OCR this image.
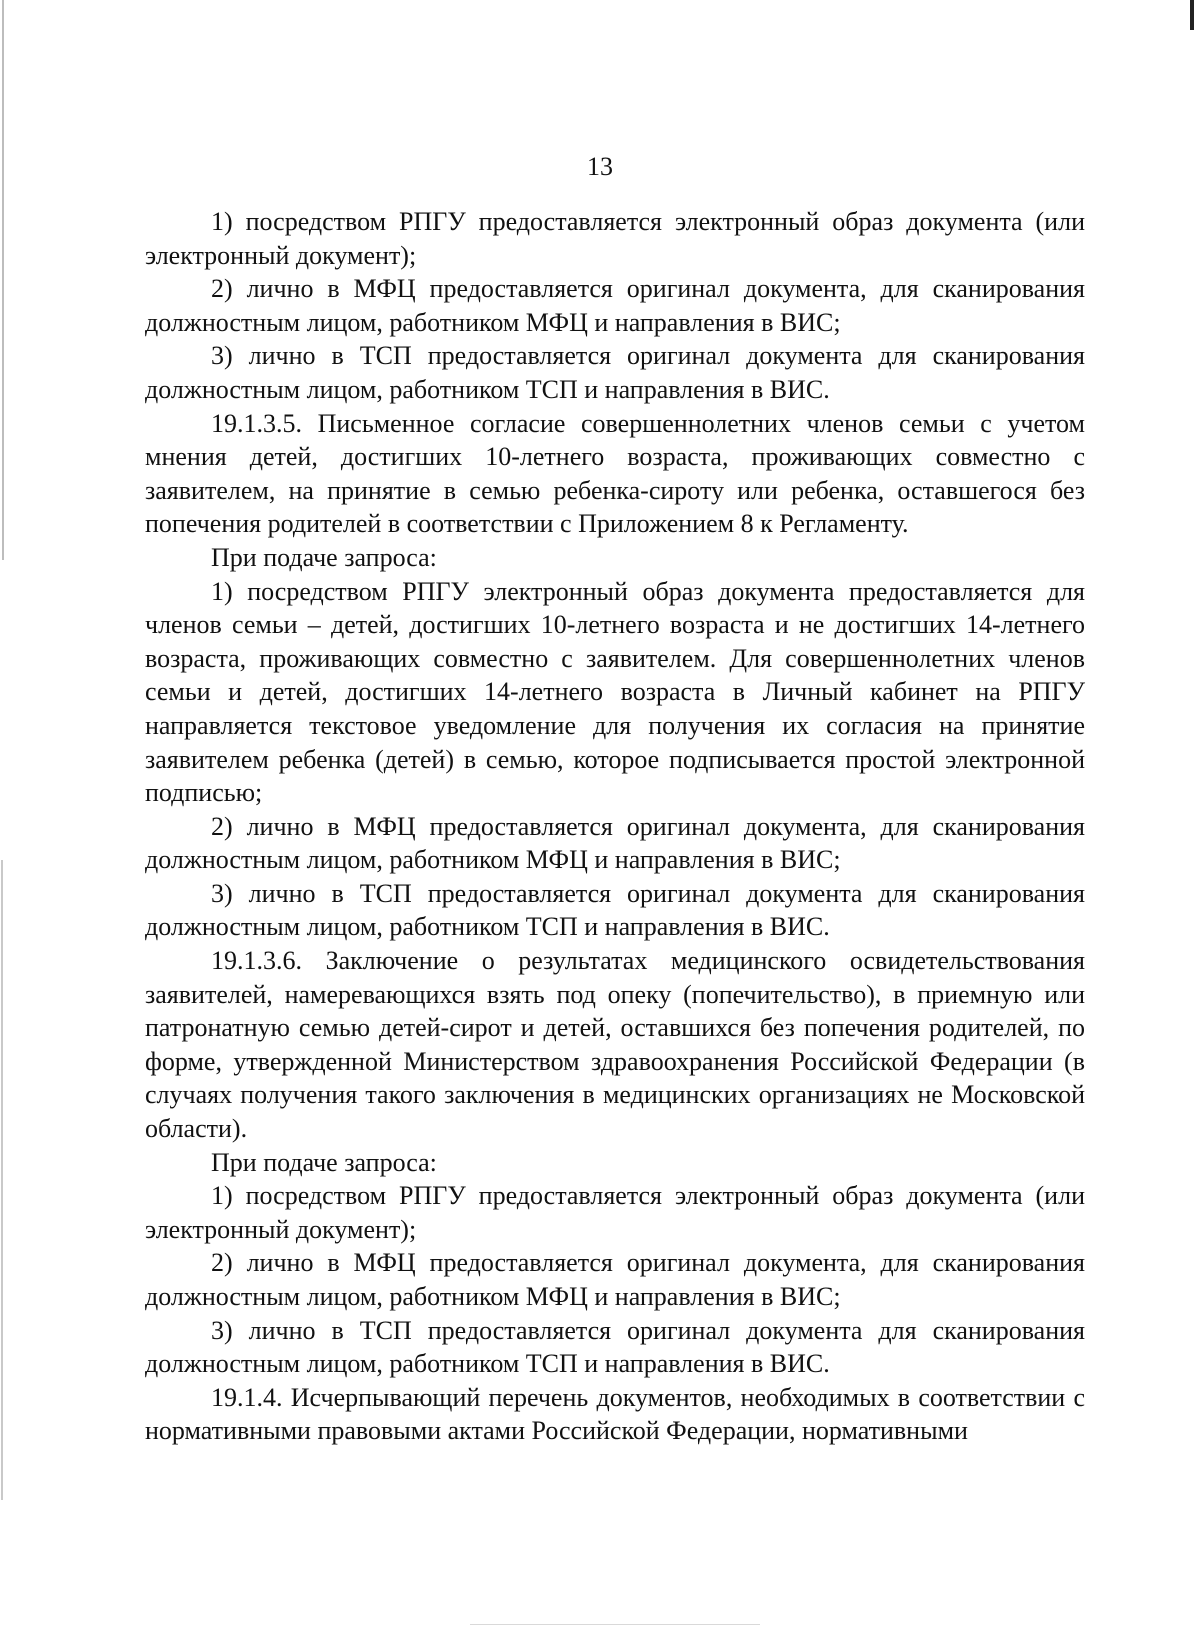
13

1) посредством РПГУ предоставляется электронный образ документа (или электронный документ);

2) лично в МФЦ предоставляется оригинал документа, для сканирования должностным лицом, работником МФЦ и направления в ВИС;

3) лично в ТСП предоставляется оригинал документа для сканирования должностным лицом, работником ТСП и направления в ВИС.

19.1.3.5. Письменное согласие совершеннолетних членов семьи с учетом мнения детей, достигших 10-летнего возраста, проживающих совместно с заявителем, на принятие в семью ребенка-сироту или ребенка, оставшегося без попечения родителей в соответствии с Приложением 8 к Регламенту.

При подаче запроса:

1) посредством РПГУ электронный образ документа предоставляется для членов семьи – детей, достигших 10-летнего возраста и не достигших 14-летнего возраста, проживающих совместно с заявителем. Для совершеннолетних членов семьи и детей, достигших 14-летнего возраста в Личный кабинет на РПГУ направляется текстовое уведомление для получения их согласия на принятие заявителем ребенка (детей) в семью, которое подписывается простой электронной подписью;

2) лично в МФЦ предоставляется оригинал документа, для сканирования должностным лицом, работником МФЦ и направления в ВИС;

3) лично в ТСП предоставляется оригинал документа для сканирования должностным лицом, работником ТСП и направления в ВИС.

19.1.3.6. Заключение о результатах медицинского освидетельствования заявителей, намеревающихся взять под опеку (попечительство), в приемную или патронатную семью детей-сирот и детей, оставшихся без попечения родителей, по форме, утвержденной Министерством здравоохранения Российской Федерации (в случаях получения такого заключения в медицинских организациях не Московской области).

При подаче запроса:

1) посредством РПГУ предоставляется электронный образ документа (или электронный документ);

2) лично в МФЦ предоставляется оригинал документа, для сканирования должностным лицом, работником МФЦ и направления в ВИС;

3) лично в ТСП предоставляется оригинал документа для сканирования должностным лицом, работником ТСП и направления в ВИС.

19.1.4. Исчерпывающий перечень документов, необходимых в соответствии с нормативными правовыми актами Российской Федерации, нормативными
